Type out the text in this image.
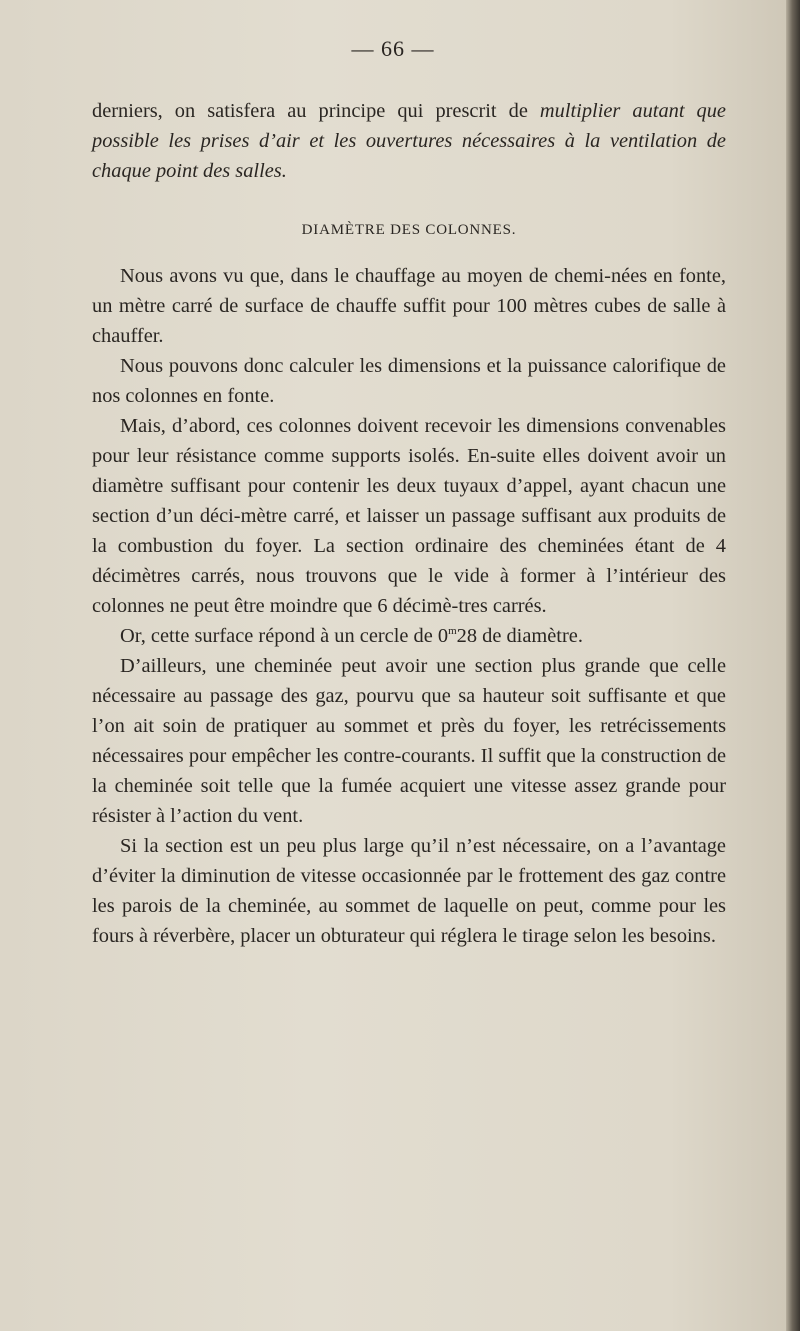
— 66 —

derniers, on satisfera au principe qui prescrit de multiplier autant que possible les prises d’air et les ouvertures nécessaires à la ventilation de chaque point des salles.

DIAMÈTRE DES COLONNES.

Nous avons vu que, dans le chauffage au moyen de chemi-nées en fonte, un mètre carré de surface de chauffe suffit pour 100 mètres cubes de salle à chauffer.

Nous pouvons donc calculer les dimensions et la puissance calorifique de nos colonnes en fonte.

Mais, d’abord, ces colonnes doivent recevoir les dimensions convenables pour leur résistance comme supports isolés. En-suite elles doivent avoir un diamètre suffisant pour contenir les deux tuyaux d’appel, ayant chacun une section d’un déci-mètre carré, et laisser un passage suffisant aux produits de la combustion du foyer. La section ordinaire des cheminées étant de 4 décimètres carrés, nous trouvons que le vide à former à l’intérieur des colonnes ne peut être moindre que 6 décimè-tres carrés.

Or, cette surface répond à un cercle de 0$^m$28 de diamètre.

D’ailleurs, une cheminée peut avoir une section plus grande que celle nécessaire au passage des gaz, pourvu que sa hauteur soit suffisante et que l’on ait soin de pratiquer au sommet et près du foyer, les retrécissements nécessaires pour empêcher les contre-courants. Il suffit que la construction de la cheminée soit telle que la fumée acquiert une vitesse assez grande pour résister à l’action du vent.

Si la section est un peu plus large qu’il n’est nécessaire, on a l’avantage d’éviter la diminution de vitesse occasionnée par le frottement des gaz contre les parois de la cheminée, au sommet de laquelle on peut, comme pour les fours à réverbère, placer un obturateur qui réglera le tirage selon les besoins.
